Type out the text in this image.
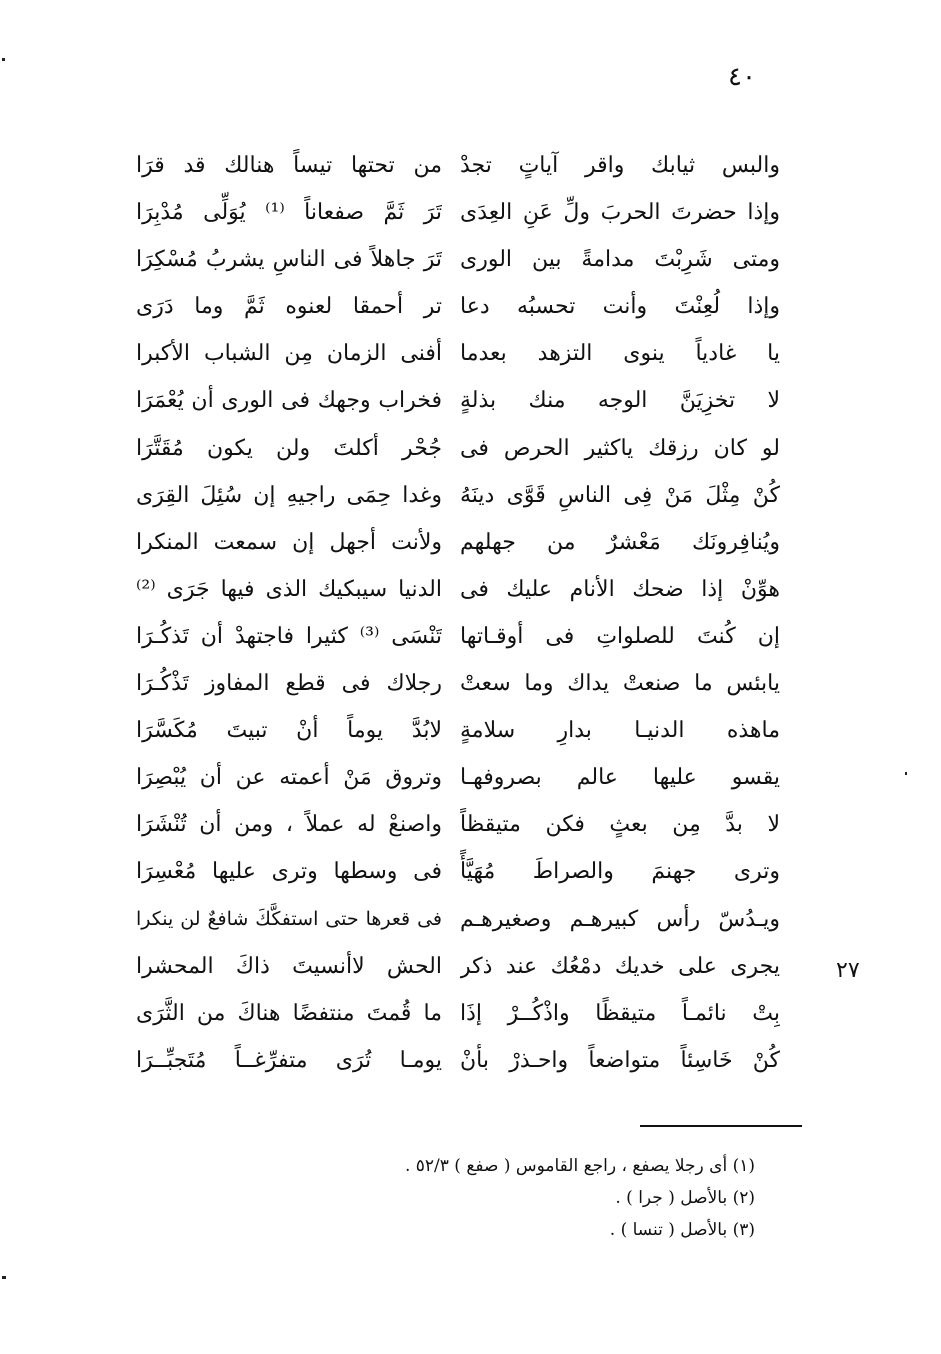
٤٠
٢٧
والبس ثيابك واقر آياتٍ تجدْ
وإذا حضرتَ الحربَ ولِّ عَنِ العِدَى
ومتى شَرِبْتَ مدامةً بين الورى
وإذا لُعِنْتَ وأنت تحسبُه دعا
يا غادياً ينوى التزهد بعدما
لا تخزِيَنَّ الوجه منك بذلةٍ
لو كان رزقك ياكثير الحرص فى
كُنْ مِثْلَ مَنْ فِى الناسِ قَوَّى دينَهُ
ويُنافِرونَك مَعْشرٌ من جهلهم
هوِّنْ إذا ضحك الأنام عليك فى
إن كُنتَ للصلواتِ فى أوقـاتها
يابئس ما صنعتْ يداك وما سعتْ
ماهذه الدنيـا بدارِ سلامةٍ
يقسو عليها عالم بصروفهـا
لا بدَّ مِن بعثٍ فكن متيقظاً
وترى جهنمَ والصراطَ مُهَيَّأً
ويـدُسّ رأس كبيرهـم وصغيرهـم
يجرى على خديك دمْعُك عند ذكر
بِتْ نائمـاً متيقظًا واذْكُــرْ إذَا
كُنْ خَاسِئاً متواضعاً واحـذرْ بأنْ
من تحتها تيساً هنالك قد قرَا
تَرَ ثَمَّ صفعاناً ⁽¹⁾ يُوَلِّى مُدْبِرَا
تَرَ جاهلاً فى الناسِ يشربُ مُسْكِرَا
تر أحمقا لعنوه ثَمَّ وما دَرَى
أفنى الزمان مِن الشباب الأكبرا
فخراب وجهك فى الورى أن يُعْمَرَا
جُحْر أكلتَ ولن يكون مُقَتَّرَا
وغدا حِمَى راجيهِ إن سُئِلَ القِرَى
ولأنت أجهل إن سمعت المنكرا
الدنيا سيبكيك الذى فيها جَرَى ⁽²⁾
تَنْسَى ⁽³⁾ كثيرا فاجتهدْ أن تَذكُـرَا
رجلاك فى قطع المفاوز تَذْكُـرَا
لابُدَّ يوماً أنْ تبيتَ مُكَسَّرَا
وتروق مَنْ أعمته عن أن يُبْصِرَا
واصنعْ له عملاً ، ومن أن تُنْشَرَا
فى وسطها وترى عليها مُعْسِرَا
فى قعرها حتى استفكَّكَ شافعٌ لن ينكرا
الحش لاأنسيتَ ذاكَ المحشرا
ما قُمتَ منتفضًا هناكَ من الثَّرَى
يومـا تُرَى متفرِّغــاً مُتَجبِّــرَا
(١) أى رجلا يصفع ، راجع القاموس ( صفع ) ٥٢/٣ .
(٢) بالأصل ( جرا ) .
(٣) بالأصل ( تنسا ) .
